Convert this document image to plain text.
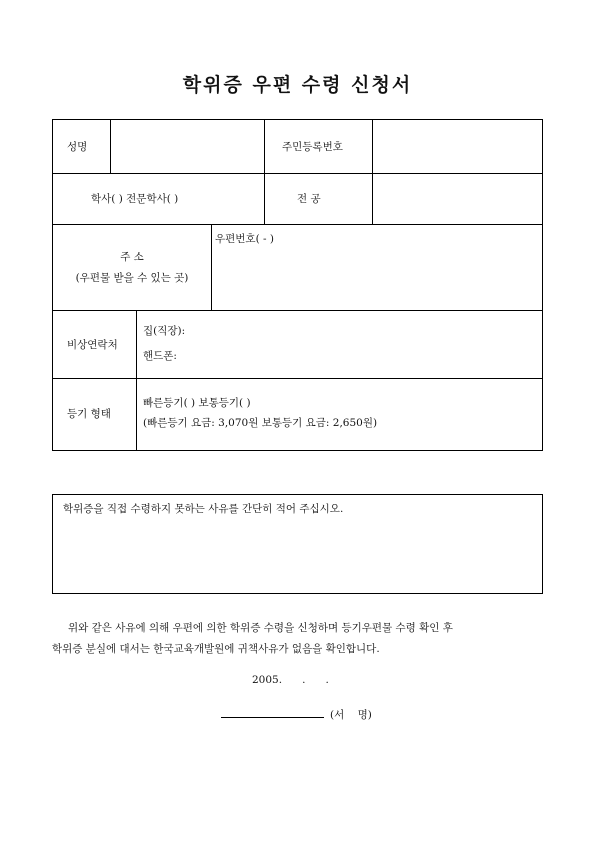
학위증 우편 수령 신청서
성명	주민등록번호
학사( ) 전문학사( )	전 공
주 소
(우편물 받을 수 있는 곳)
우편번호( - )
비상연락처
집(직장):
핸드폰:
등기 형태
빠른등기( ) 보통등기( )
(빠른등기 요금: 3,070원 보통등기 요금: 2,650원)
학위증을 직접 수령하지 못하는 사유를 간단히 적어 주십시오.
위와 같은 사유에 의해 우편에 의한 학위증 수령을 신청하며 등기우편물 수령 확인 후
학위증 분실에 대서는 한국교육개발원에 귀책사유가 없음을 확인합니다.
2005.      .      .
(서    명)
